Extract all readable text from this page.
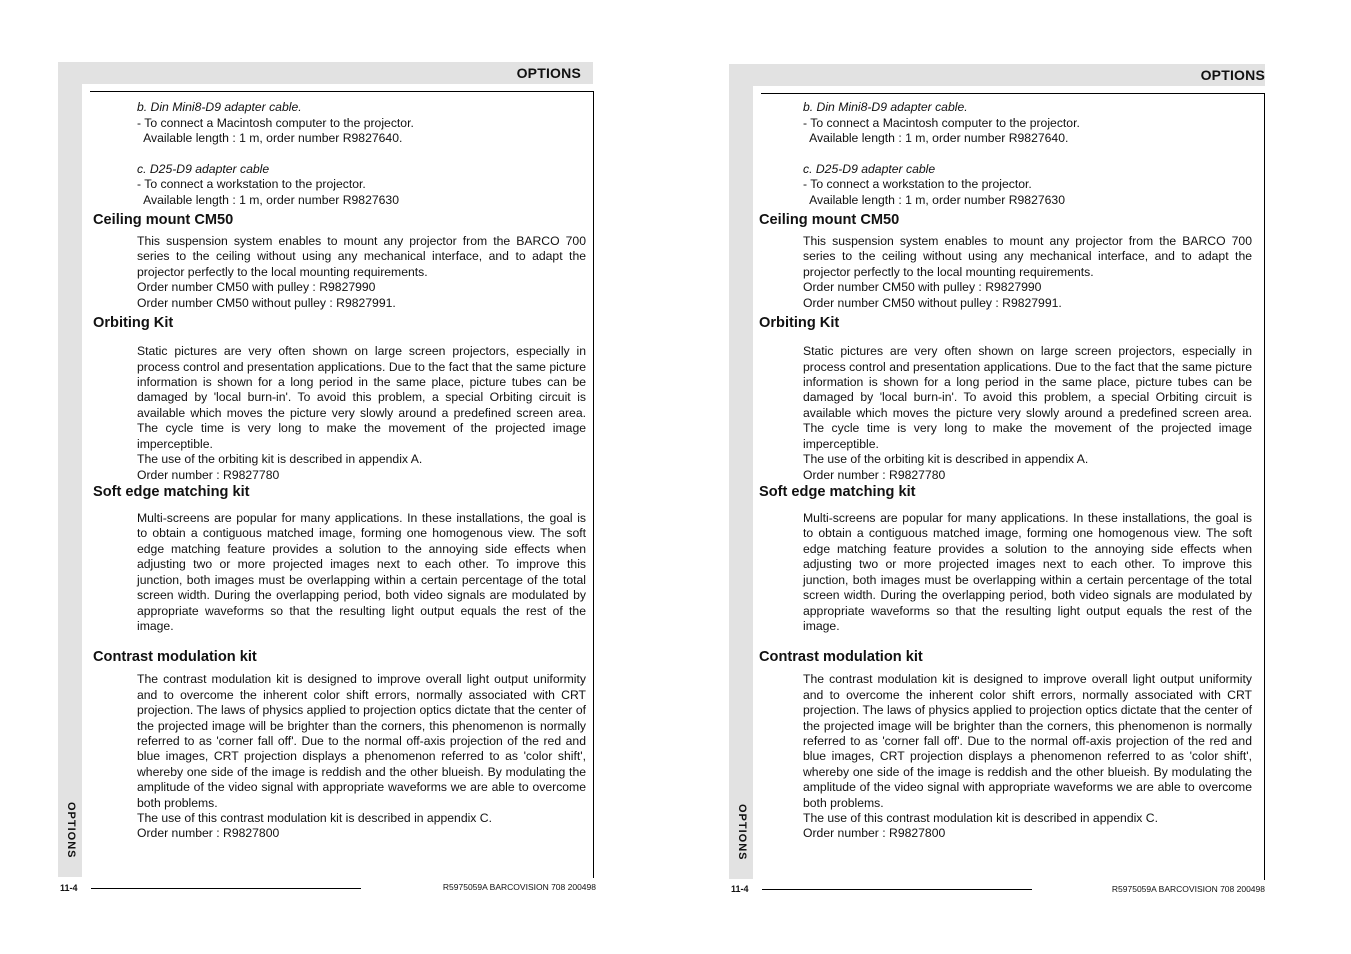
OPTIONS
OPTIONS
b. Din Mini8-D9 adapter cable.
- To connect a Macintosh computer to the projector.
Available length : 1 m, order number R9827640.
c. D25-D9 adapter cable
- To connect a workstation to the projector.
Available length : 1 m, order number R9827630
Ceiling mount CM50
This suspension system enables to mount any projector from the BARCO 700 series to the ceiling without using any mechanical interface, and to adapt the projector perfectly to the local mounting requirements.
Order number CM50 with pulley : R9827990
Order number CM50 without pulley : R9827991.
Orbiting Kit
Static pictures are very often shown on large screen projectors, especially in process control and presentation applications. Due to the fact that the same picture information is shown for a long period in the same place, picture tubes can be damaged by 'local burn-in'. To avoid this problem, a special Orbiting circuit is available which moves the picture very slowly around a predefined screen area. The cycle time is very long to make the movement of the projected image imperceptible.
The use of the orbiting kit is described in appendix A.
Order number : R9827780
Soft edge matching kit
Multi-screens are popular for many applications. In these installations, the goal is to obtain a contiguous matched image, forming one homogenous view. The soft edge matching feature provides a solution to the annoying side effects when adjusting two or more projected images next to each other. To improve this junction, both images must be overlapping within a certain percentage of the total screen width. During the overlapping period, both video signals are modulated by appropriate waveforms so that the resulting light output equals the rest of the image.
Contrast modulation kit
The contrast modulation kit is designed to improve overall light output uniformity and to overcome the inherent color shift errors, normally associated with CRT projection. The laws of physics applied to projection optics dictate that the center of the projected image will be brighter than the corners, this phenomenon is normally referred to as 'corner fall off'. Due to the normal off-axis projection of the red and blue images, CRT projection displays a phenomenon referred to as 'color shift', whereby one side of the image is reddish and the other blueish. By modulating the amplitude of the video signal with appropriate waveforms we are able to overcome both problems.
The use of this contrast modulation kit is described in appendix C.
Order number : R9827800
11-4	R5975059A BARCOVISION 708 200498
OPTIONS
OPTIONS
b. Din Mini8-D9 adapter cable.
- To connect a Macintosh computer to the projector.
Available length : 1 m, order number R9827640.
c. D25-D9 adapter cable
- To connect a workstation to the projector.
Available length : 1 m, order number R9827630
Ceiling mount CM50
This suspension system enables to mount any projector from the BARCO 700 series to the ceiling without using any mechanical interface, and to adapt the projector perfectly to the local mounting requirements.
Order number CM50 with pulley : R9827990
Order number CM50 without pulley : R9827991.
Orbiting Kit
Static pictures are very often shown on large screen projectors, especially in process control and presentation applications. Due to the fact that the same picture information is shown for a long period in the same place, picture tubes can be damaged by 'local burn-in'. To avoid this problem, a special Orbiting circuit is available which moves the picture very slowly around a predefined screen area. The cycle time is very long to make the movement of the projected image imperceptible.
The use of the orbiting kit is described in appendix A.
Order number : R9827780
Soft edge matching kit
Multi-screens are popular for many applications. In these installations, the goal is to obtain a contiguous matched image, forming one homogenous view. The soft edge matching feature provides a solution to the annoying side effects when adjusting two or more projected images next to each other. To improve this junction, both images must be overlapping within a certain percentage of the total screen width. During the overlapping period, both video signals are modulated by appropriate waveforms so that the resulting light output equals the rest of the image.
Contrast modulation kit
The contrast modulation kit is designed to improve overall light output uniformity and to overcome the inherent color shift errors, normally associated with CRT projection. The laws of physics applied to projection optics dictate that the center of the projected image will be brighter than the corners, this phenomenon is normally referred to as 'corner fall off'. Due to the normal off-axis projection of the red and blue images, CRT projection displays a phenomenon referred to as 'color shift', whereby one side of the image is reddish and the other blueish. By modulating the amplitude of the video signal with appropriate waveforms we are able to overcome both problems.
The use of this contrast modulation kit is described in appendix C.
Order number : R9827800
11-4	R5975059A BARCOVISION 708 200498
